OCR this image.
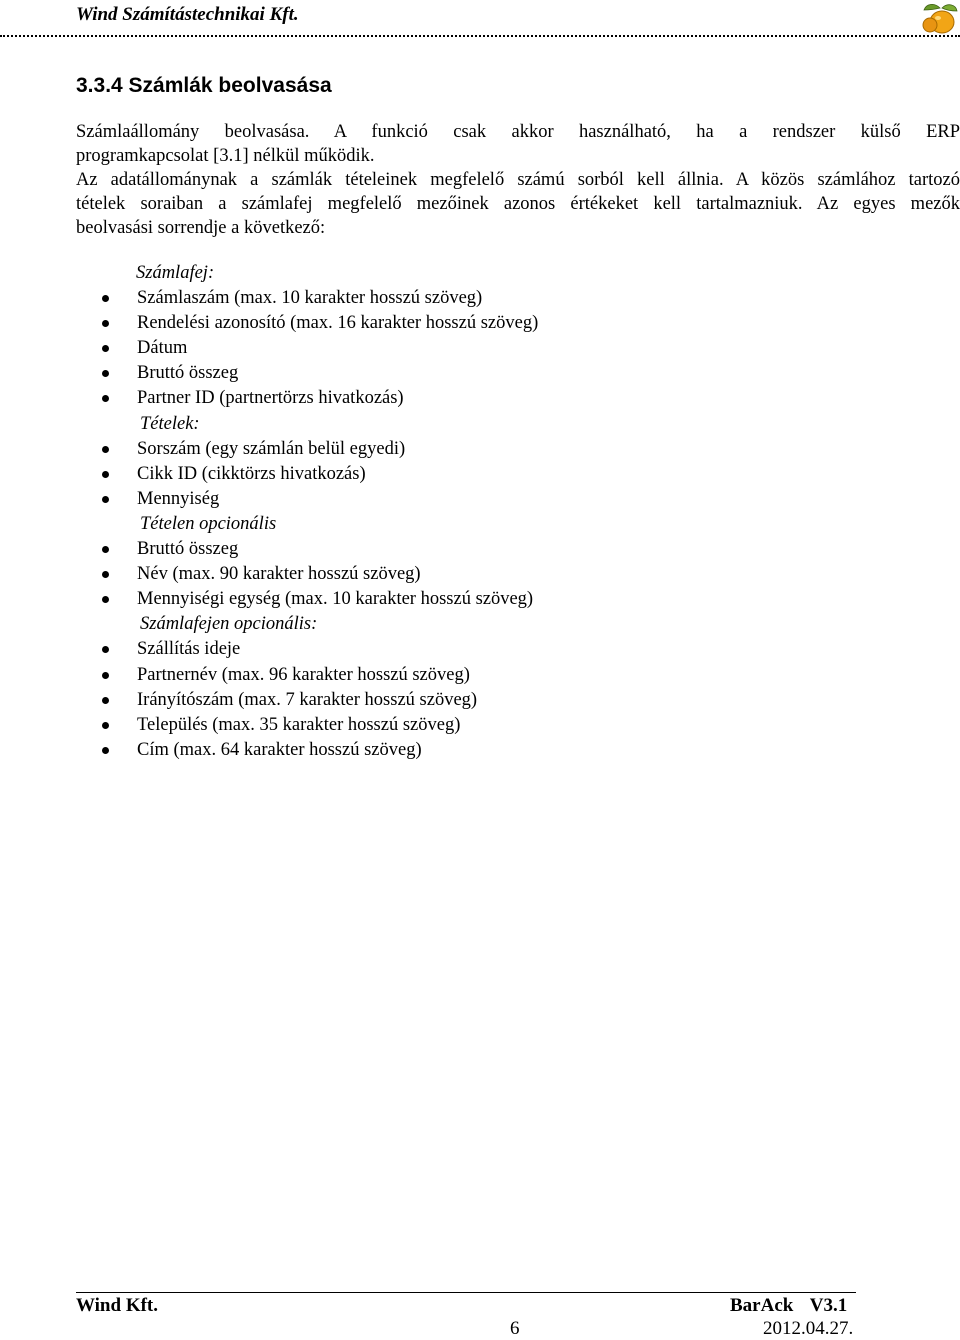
Wind Számítástechnikai Kft.
3.3.4 Számlák beolvasása
Számlaállomány beolvasása. A funkció csak akkor használható, ha a rendszer külső ERP
programkapcsolat [3.1] nélkül működik.
Az adatállománynak a számlák tételeinek megfelelő számú sorból kell állnia. A közös számlához tartozó
tételek soraiban a számlafej megfelelő mezőinek azonos értékeket kell tartalmazniuk. Az egyes mezők
beolvasási sorrendje a következő:
Számlafej:
Számlaszám (max. 10 karakter hosszú szöveg)
Rendelési azonosító (max. 16 karakter hosszú szöveg)
Dátum
Bruttó összeg
Partner ID (partnertörzs hivatkozás)
Tételek:
Sorszám (egy számlán belül egyedi)
Cikk ID (cikktörzs hivatkozás)
Mennyiség
Tételen opcionális
Bruttó összeg
Név (max. 90 karakter hosszú szöveg)
Mennyiségi egység (max. 10 karakter hosszú szöveg)
Számlafejen opcionális:
Szállítás ideje
Partnernév (max. 96 karakter hosszú szöveg)
Irányítószám (max. 7 karakter hosszú szöveg)
Település (max. 35 karakter hosszú szöveg)
Cím (max. 64 karakter hosszú szöveg)
Wind Kft.	BarAck V3.1
6	2012.04.27.
